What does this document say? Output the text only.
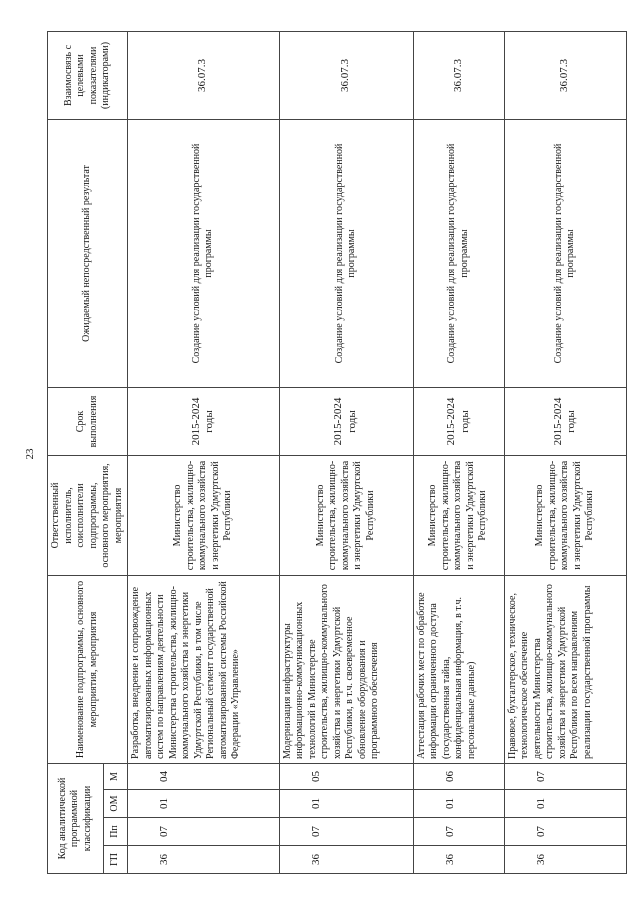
23
Код аналитической программной классификации				Наименование подпрограммы, основного мероприятия, мероприятия	Ответственный исполнитель, соисполнители подпрограммы, основного мероприятия, мероприятия	Срок выполнения	Ожидаемый непосредственный результат	Взаимосвязь с целевыми показателями (индикаторами)
ГП	Пп	ОМ	М					
36	07	01	04	Разработка, внедрение и сопровождение автоматизированных информационных систем по направлениям деятельности Министерства строительства, жилищно-коммунального хозяйства и энергетики Удмуртской Республики, в том числе Региональный сегмент государственной автоматизированной системы Российской Федерации «Управление»	Министерство строительства, жилищно-коммунального хозяйства и энергетики Удмуртской Республики	2015-2024 годы	Создание условий для реализации государственной программы	36.07.3
36	07	01	05	Модернизация инфраструктуры информационно-коммуникационных технологий в Министерстве строительства, жилищно-коммунального хозяйства и энергетики Удмуртской Республики, в т.ч. своевременное обновление оборудования и программного обеспечения	Министерство строительства, жилищно-коммунального хозяйства и энергетики Удмуртской Республики	2015-2024 годы	Создание условий для реализации государственной программы	36.07.3
36	07	01	06	Аттестация рабочих мест по обработке информации ограниченного доступа (государственная тайна, конфиденциальная информация, в т.ч. персональные данные)	Министерство строительства, жилищно-коммунального хозяйства и энергетики Удмуртской Республики	2015-2024 годы	Создание условий для реализации государственной программы	36.07.3
36	07	01	07	Правовое, бухгалтерское, техническое, технологическое обеспечение деятельности Министерства строительства, жилищно-коммунального хозяйства и энергетики Удмуртской Республики по всем направлениям реализации государственной программы	Министерство строительства, жилищно-коммунального хозяйства и энергетики Удмуртской Республики	2015-2024 годы	Создание условий для реализации государственной программы	36.07.3
